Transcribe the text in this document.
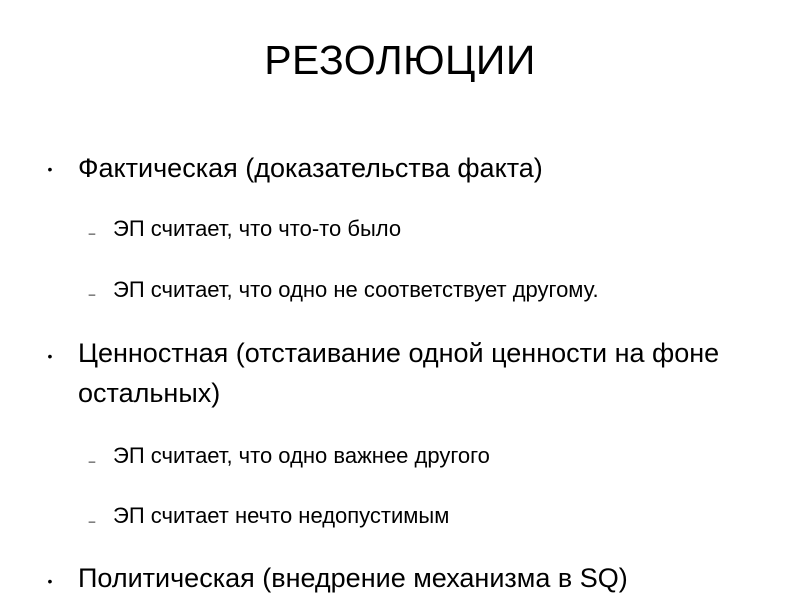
РЕЗОЛЮЦИИ
• Фактическая (доказательства факта)
– ЭП считает, что что-то было
– ЭП считает, что одно не соответствует другому.
• Ценностная (отстаивание одной ценности на фоне остальных)
– ЭП считает, что одно важнее другого
– ЭП считает нечто недопустимым
• Политическая (внедрение механизма в SQ)
